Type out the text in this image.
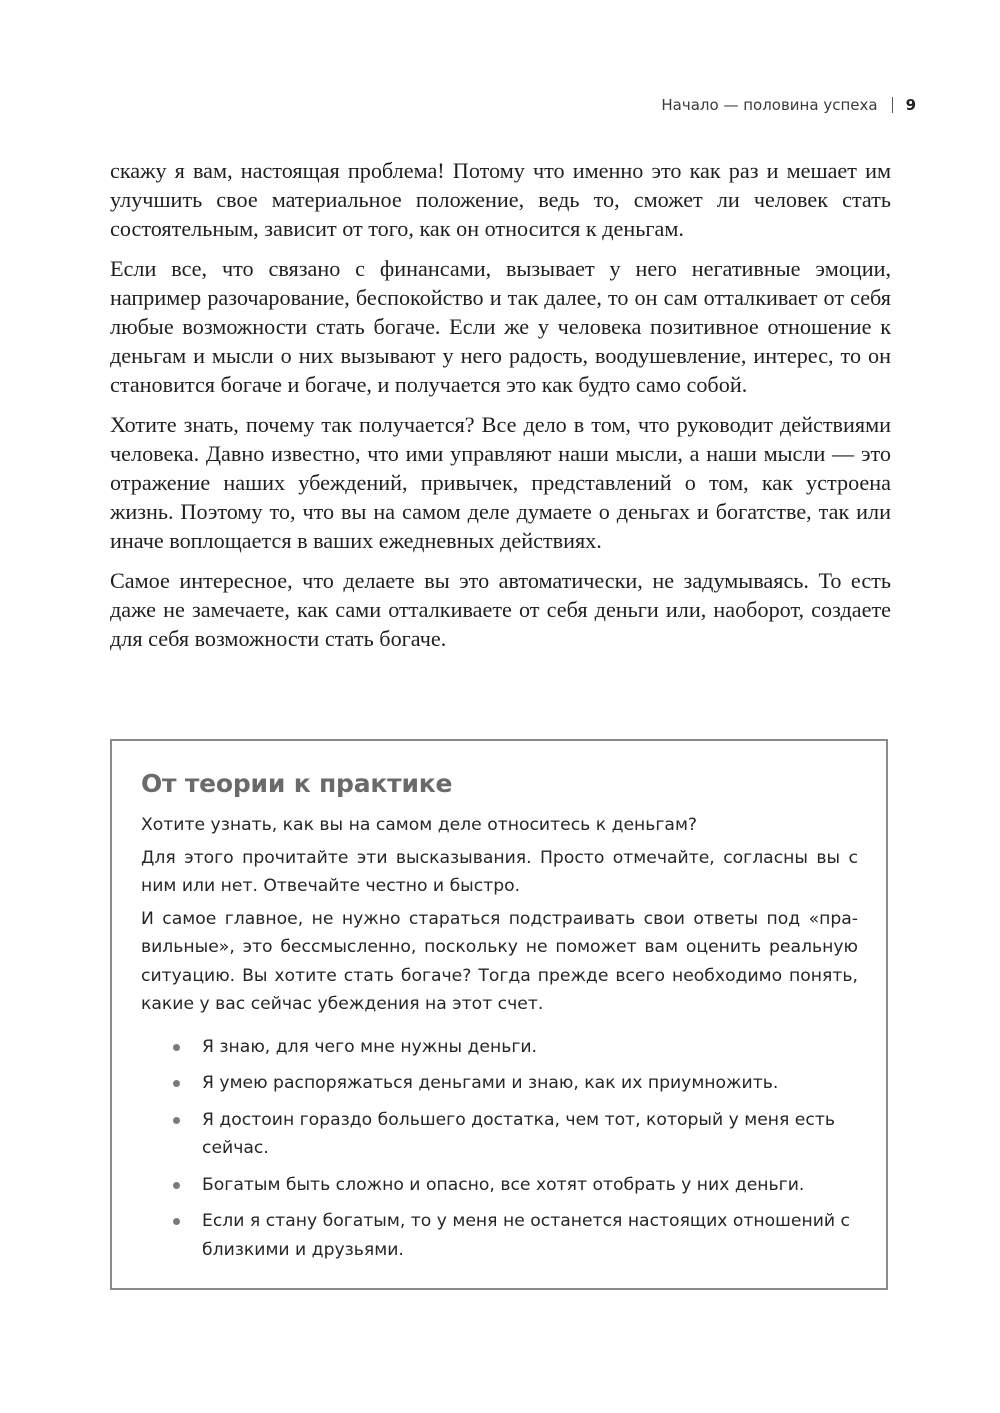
Начало — половина успеха 9

скажу я вам, настоящая проблема! Потому что именно это как раз и мешает им улучшить свое материальное положение, ведь то, сможет ли человек стать состоятельным, зависит от того, как он относится к деньгам.

Если все, что связано с финансами, вызывает у него негативные эмоции, например разочарование, беспокойство и так далее, то он сам отталкивает от себя любые возможности стать богаче. Если же у человека позитивное отношение к деньгам и мысли о них вызывают у него радость, воодушевление, интерес, то он становится богаче и богаче, и получается это как будто само собой.

Хотите знать, почему так получается? Все дело в том, что руководит действиями человека. Давно известно, что ими управляют наши мысли, а наши мысли — это отражение наших убеждений, привычек, представлений о том, как устроена жизнь. Поэтому то, что вы на самом деле думаете о деньгах и богатстве, так или иначе воплощается в ваших ежедневных действиях.

Самое интересное, что делаете вы это автоматически, не задумываясь. То есть даже не замечаете, как сами отталкиваете от себя деньги или, наоборот, создаете для себя возможности стать богаче.

От теории к практике

Хотите узнать, как вы на самом деле относитесь к деньгам?

Для этого прочитайте эти высказывания. Просто отмечайте, согласны вы с ним или нет. Отвечайте честно и быстро.

И самое главное, не нужно стараться подстраивать свои ответы под «правильные», это бессмысленно, поскольку не поможет вам оценить реальную ситуацию. Вы хотите стать богаче? Тогда прежде всего необходимо понять, какие у вас сейчас убеждения на этот счет.

Я знаю, для чего мне нужны деньги.
Я умею распоряжаться деньгами и знаю, как их приумножить.
Я достоин гораздо большего достатка, чем тот, который у меня есть сейчас.
Богатым быть сложно и опасно, все хотят отобрать у них деньги.
Если я стану богатым, то у меня не останется настоящих отношений с близкими и друзьями.
